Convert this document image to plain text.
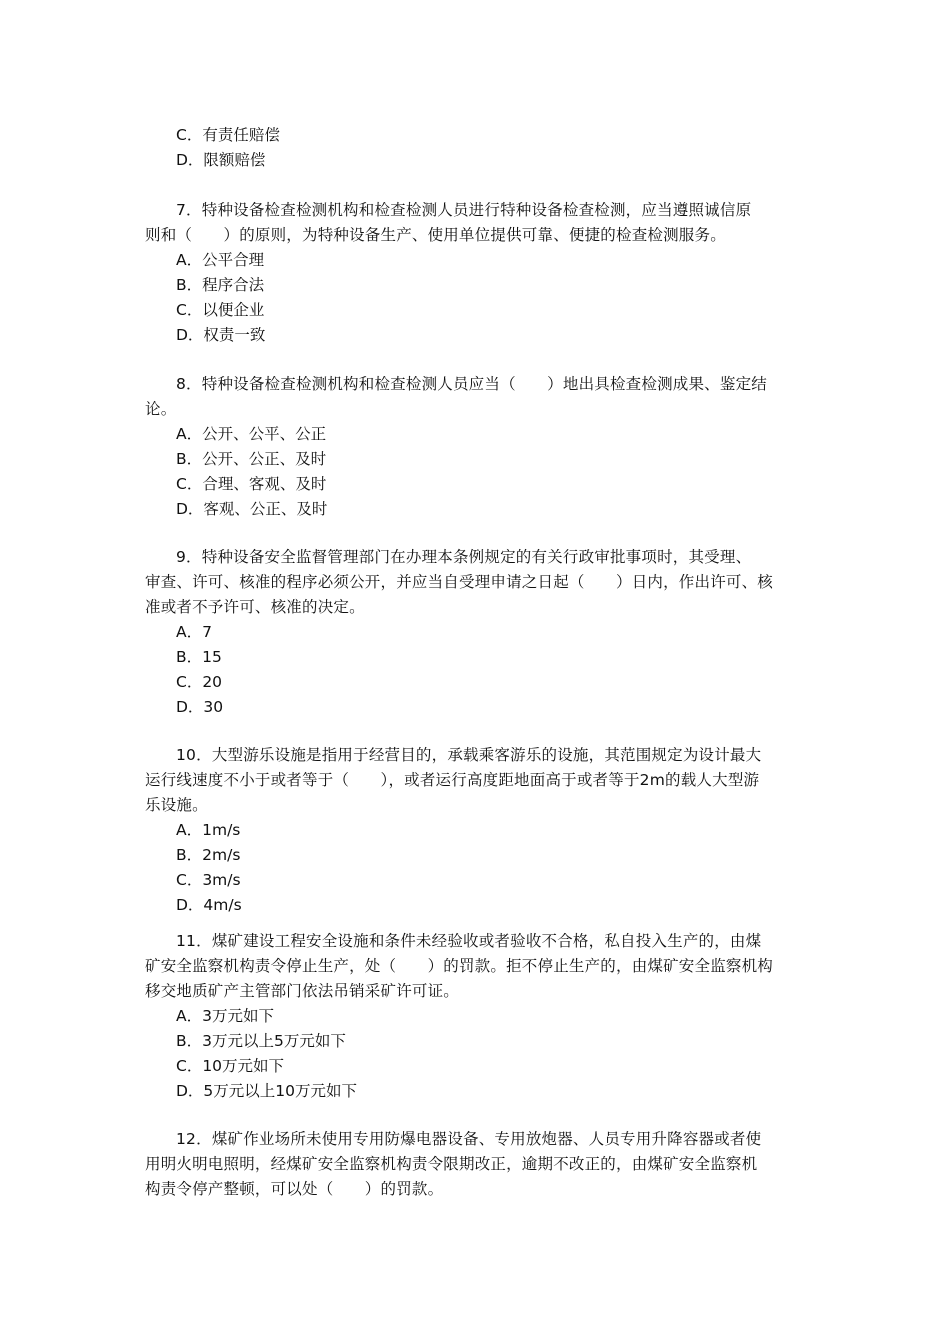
C．有责任赔偿
D．限额赔偿
7．特种设备检查检测机构和检查检测人员进行特种设备检查检测，应当遵照诚信原
则和（　　）的原则，为特种设备生产、使用单位提供可靠、便捷的检查检测服务。
A．公平合理
B．程序合法
C．以便企业
D．权责一致
8．特种设备检查检测机构和检查检测人员应当（　　）地出具检查检测成果、鉴定结
论。
A．公开、公平、公正
B．公开、公正、及时
C．合理、客观、及时
D．客观、公正、及时
9．特种设备安全监督管理部门在办理本条例规定的有关行政审批事项时，其受理、
审查、许可、核准的程序必须公开，并应当自受理申请之日起（　　）日内，作出许可、核
准或者不予许可、核准的决定。
A．7
B．15
C．20
D．30
10．大型游乐设施是指用于经营目的，承载乘客游乐的设施，其范围规定为设计最大
运行线速度不小于或者等于（　　），或者运行高度距地面高于或者等于2m的载人大型游
乐设施。
A．1m/s
B．2m/s
C．3m/s
D．4m/s
11．煤矿建设工程安全设施和条件未经验收或者验收不合格，私自投入生产的，由煤
矿安全监察机构责令停止生产，处（　　）的罚款。拒不停止生产的，由煤矿安全监察机构
移交地质矿产主管部门依法吊销采矿许可证。
A．3万元如下
B．3万元以上5万元如下
C．10万元如下
D．5万元以上10万元如下
12．煤矿作业场所未使用专用防爆电器设备、专用放炮器、人员专用升降容器或者使
用明火明电照明，经煤矿安全监察机构责令限期改正，逾期不改正的，由煤矿安全监察机
构责令停产整顿，可以处（　　）的罚款。
